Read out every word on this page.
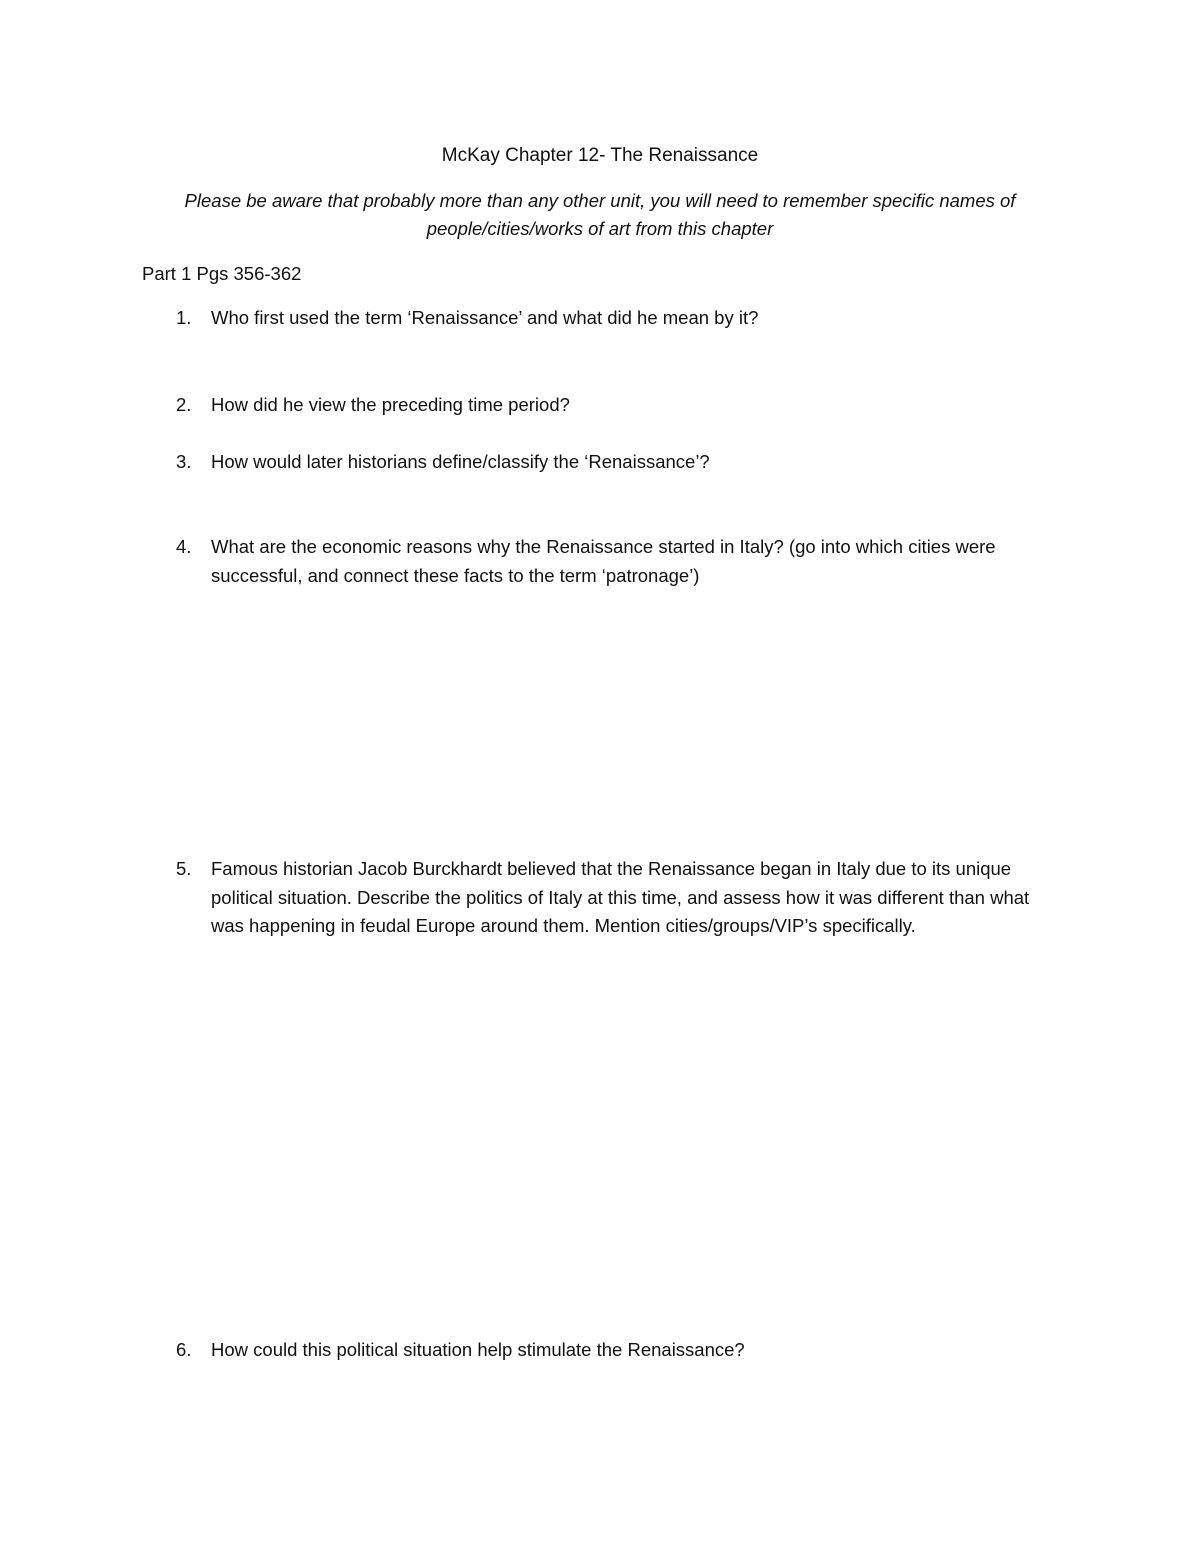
McKay Chapter 12- The Renaissance
Please be aware that probably more than any other unit, you will need to remember specific names of people/cities/works of art from this chapter
Part 1 Pgs 356-362
1.	Who first used the term ‘Renaissance’ and what did he mean by it?
2.	How did he view the preceding time period?
3.	How would later historians define/classify the ‘Renaissance’?
4.	What are the economic reasons why the Renaissance started in Italy? (go into which cities were successful, and connect these facts to the term ‘patronage’)
5.	Famous historian Jacob Burckhardt believed that the Renaissance began in Italy due to its unique political situation. Describe the politics of Italy at this time, and assess how it was different than what was happening in feudal Europe around them. Mention cities/groups/VIP’s specifically.
6.	How could this political situation help stimulate the Renaissance?
